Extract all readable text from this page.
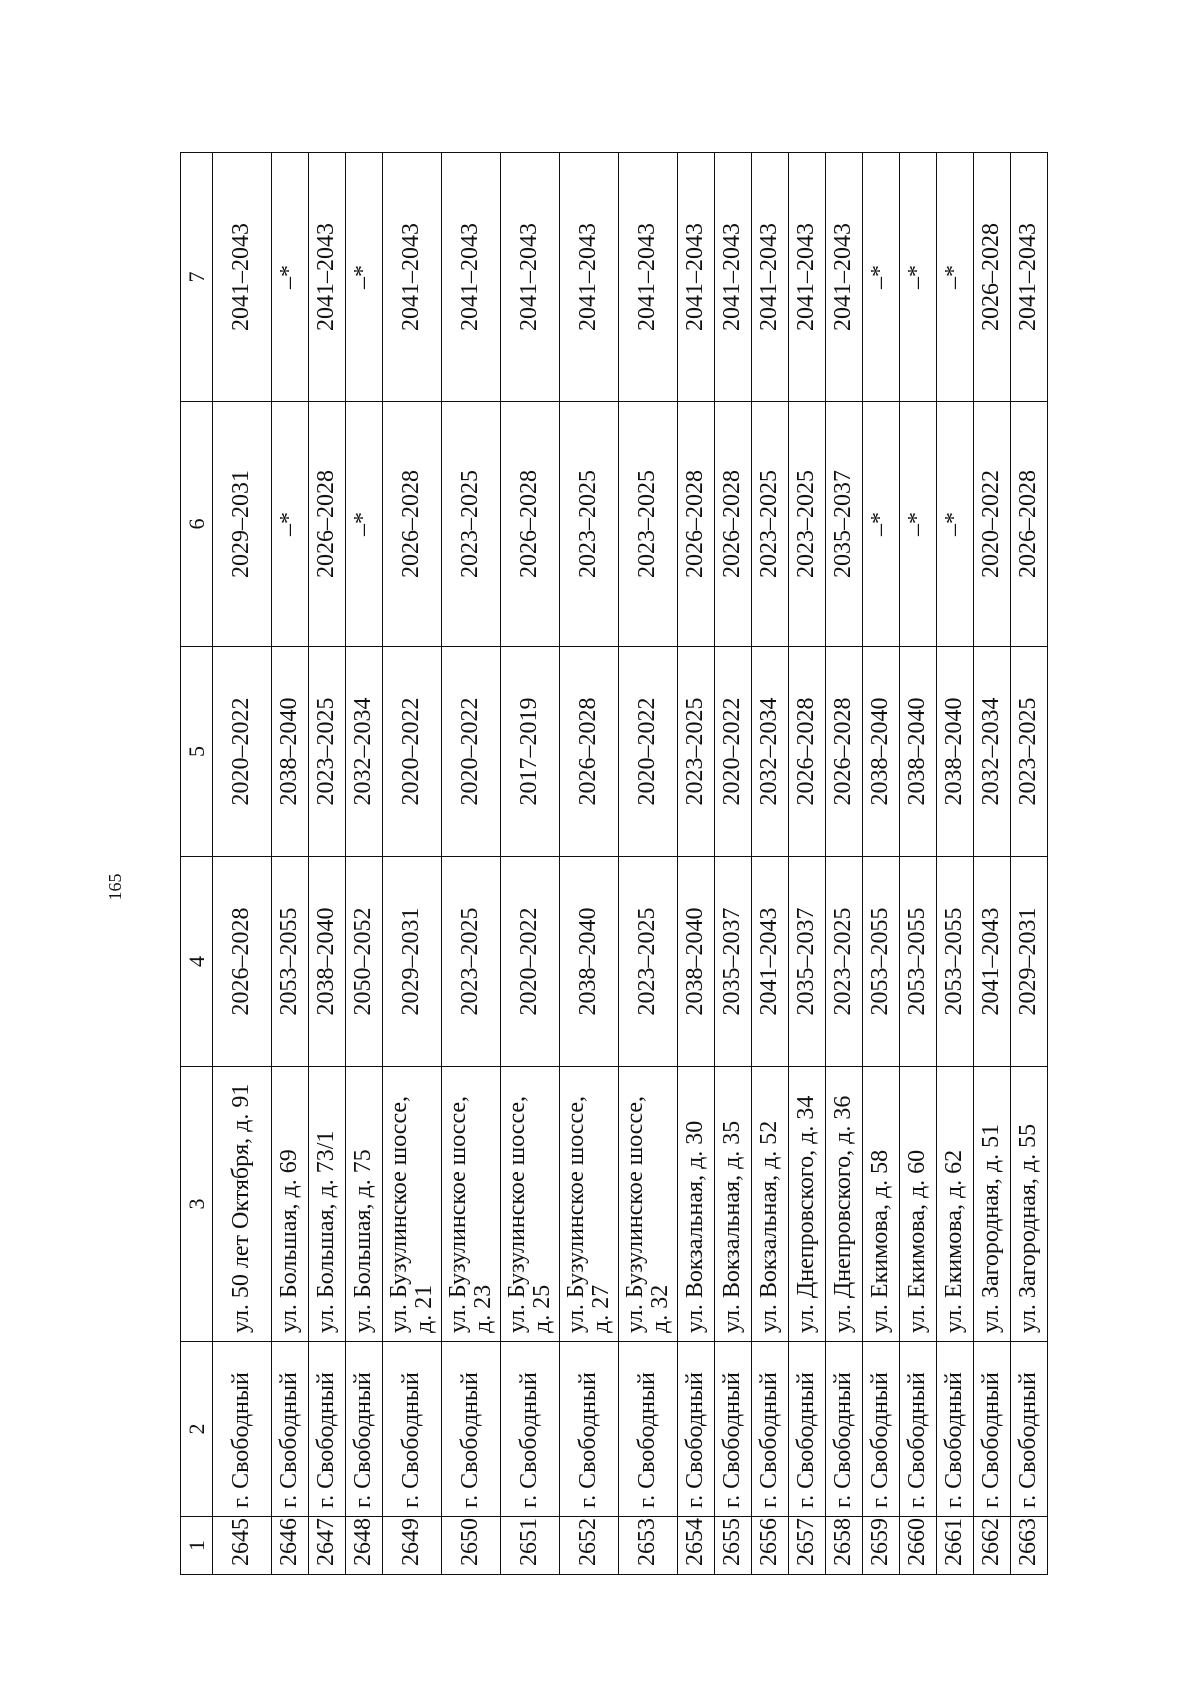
165
1	2	3	4	5	6	7
2645	г. Свободный	ул. 50 лет Октября, д. 91	2026–2028	2020–2022	2029–2031	2041–2043
2646	г. Свободный	ул. Большая, д. 69	2053–2055	2038–2040	–*	–*
2647	г. Свободный	ул. Большая, д. 73/1	2038–2040	2023–2025	2026–2028	2041–2043
2648	г. Свободный	ул. Большая, д. 75	2050–2052	2032–2034	–*	–*
2649	г. Свободный	ул. Бузулинское шоссе, д. 21	2029–2031	2020–2022	2026–2028	2041–2043
2650	г. Свободный	ул. Бузулинское шоссе, д. 23	2023–2025	2020–2022	2023–2025	2041–2043
2651	г. Свободный	ул. Бузулинское шоссе, д. 25	2020–2022	2017–2019	2026–2028	2041–2043
2652	г. Свободный	ул. Бузулинское шоссе, д. 27	2038–2040	2026–2028	2023–2025	2041–2043
2653	г. Свободный	ул. Бузулинское шоссе, д. 32	2023–2025	2020–2022	2023–2025	2041–2043
2654	г. Свободный	ул. Вокзальная, д. 30	2038–2040	2023–2025	2026–2028	2041–2043
2655	г. Свободный	ул. Вокзальная, д. 35	2035–2037	2020–2022	2026–2028	2041–2043
2656	г. Свободный	ул. Вокзальная, д. 52	2041–2043	2032–2034	2023–2025	2041–2043
2657	г. Свободный	ул. Днепровского, д. 34	2035–2037	2026–2028	2023–2025	2041–2043
2658	г. Свободный	ул. Днепровского, д. 36	2023–2025	2026–2028	2035–2037	2041–2043
2659	г. Свободный	ул. Екимова, д. 58	2053–2055	2038–2040	–*	–*
2660	г. Свободный	ул. Екимова, д. 60	2053–2055	2038–2040	–*	–*
2661	г. Свободный	ул. Екимова, д. 62	2053–2055	2038–2040	–*	–*
2662	г. Свободный	ул. Загородная, д. 51	2041–2043	2032–2034	2020–2022	2026–2028
2663	г. Свободный	ул. Загородная, д. 55	2029–2031	2023–2025	2026–2028	2041–2043
